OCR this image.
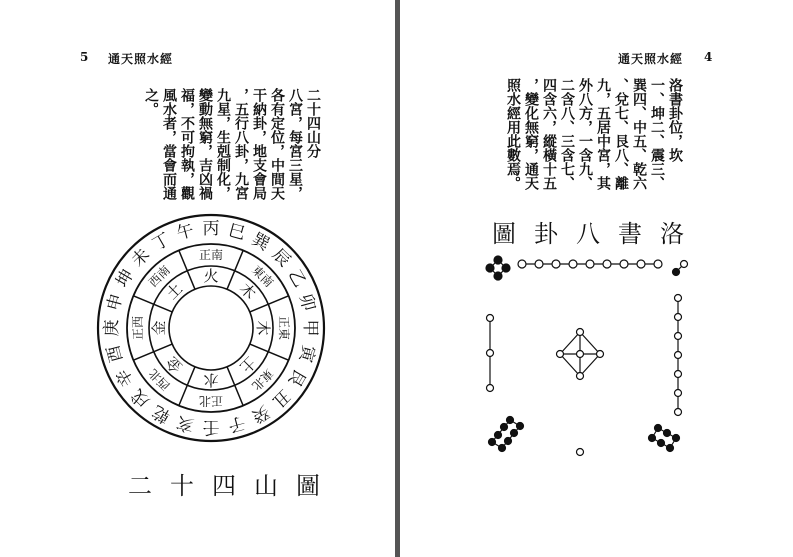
5 通天照水經
二十四山分
八宮，每宮三星，
各有定位，中間天
干納卦，地支會局
，五行八卦，九宮
九星，生剋制化，
變動無窮，吉凶禍
福，不可拘執，觀
風水者，當會而通
之。
壬 子 癸
丑
艮
寅
甲
卯
乙
辰
巽
巳
丙
午
丁
未
坤
申
庚
酉
辛
戌
乾 亥
正北
東北
正東
東南
正南
西南
正西
西北 水
土
木
木
火
土
金
金
二十四山圖
通天照水經 4
洛書卦位，坎
一、坤二、震三、
巽四、中五、乾六
、兌七、艮八、離
九，五居中宮，其
外八方，一含九、
二含八、三含七、
四含六，縱橫十五
，變化無窮，通天
照水經用此數焉。
圖卦八書洛
